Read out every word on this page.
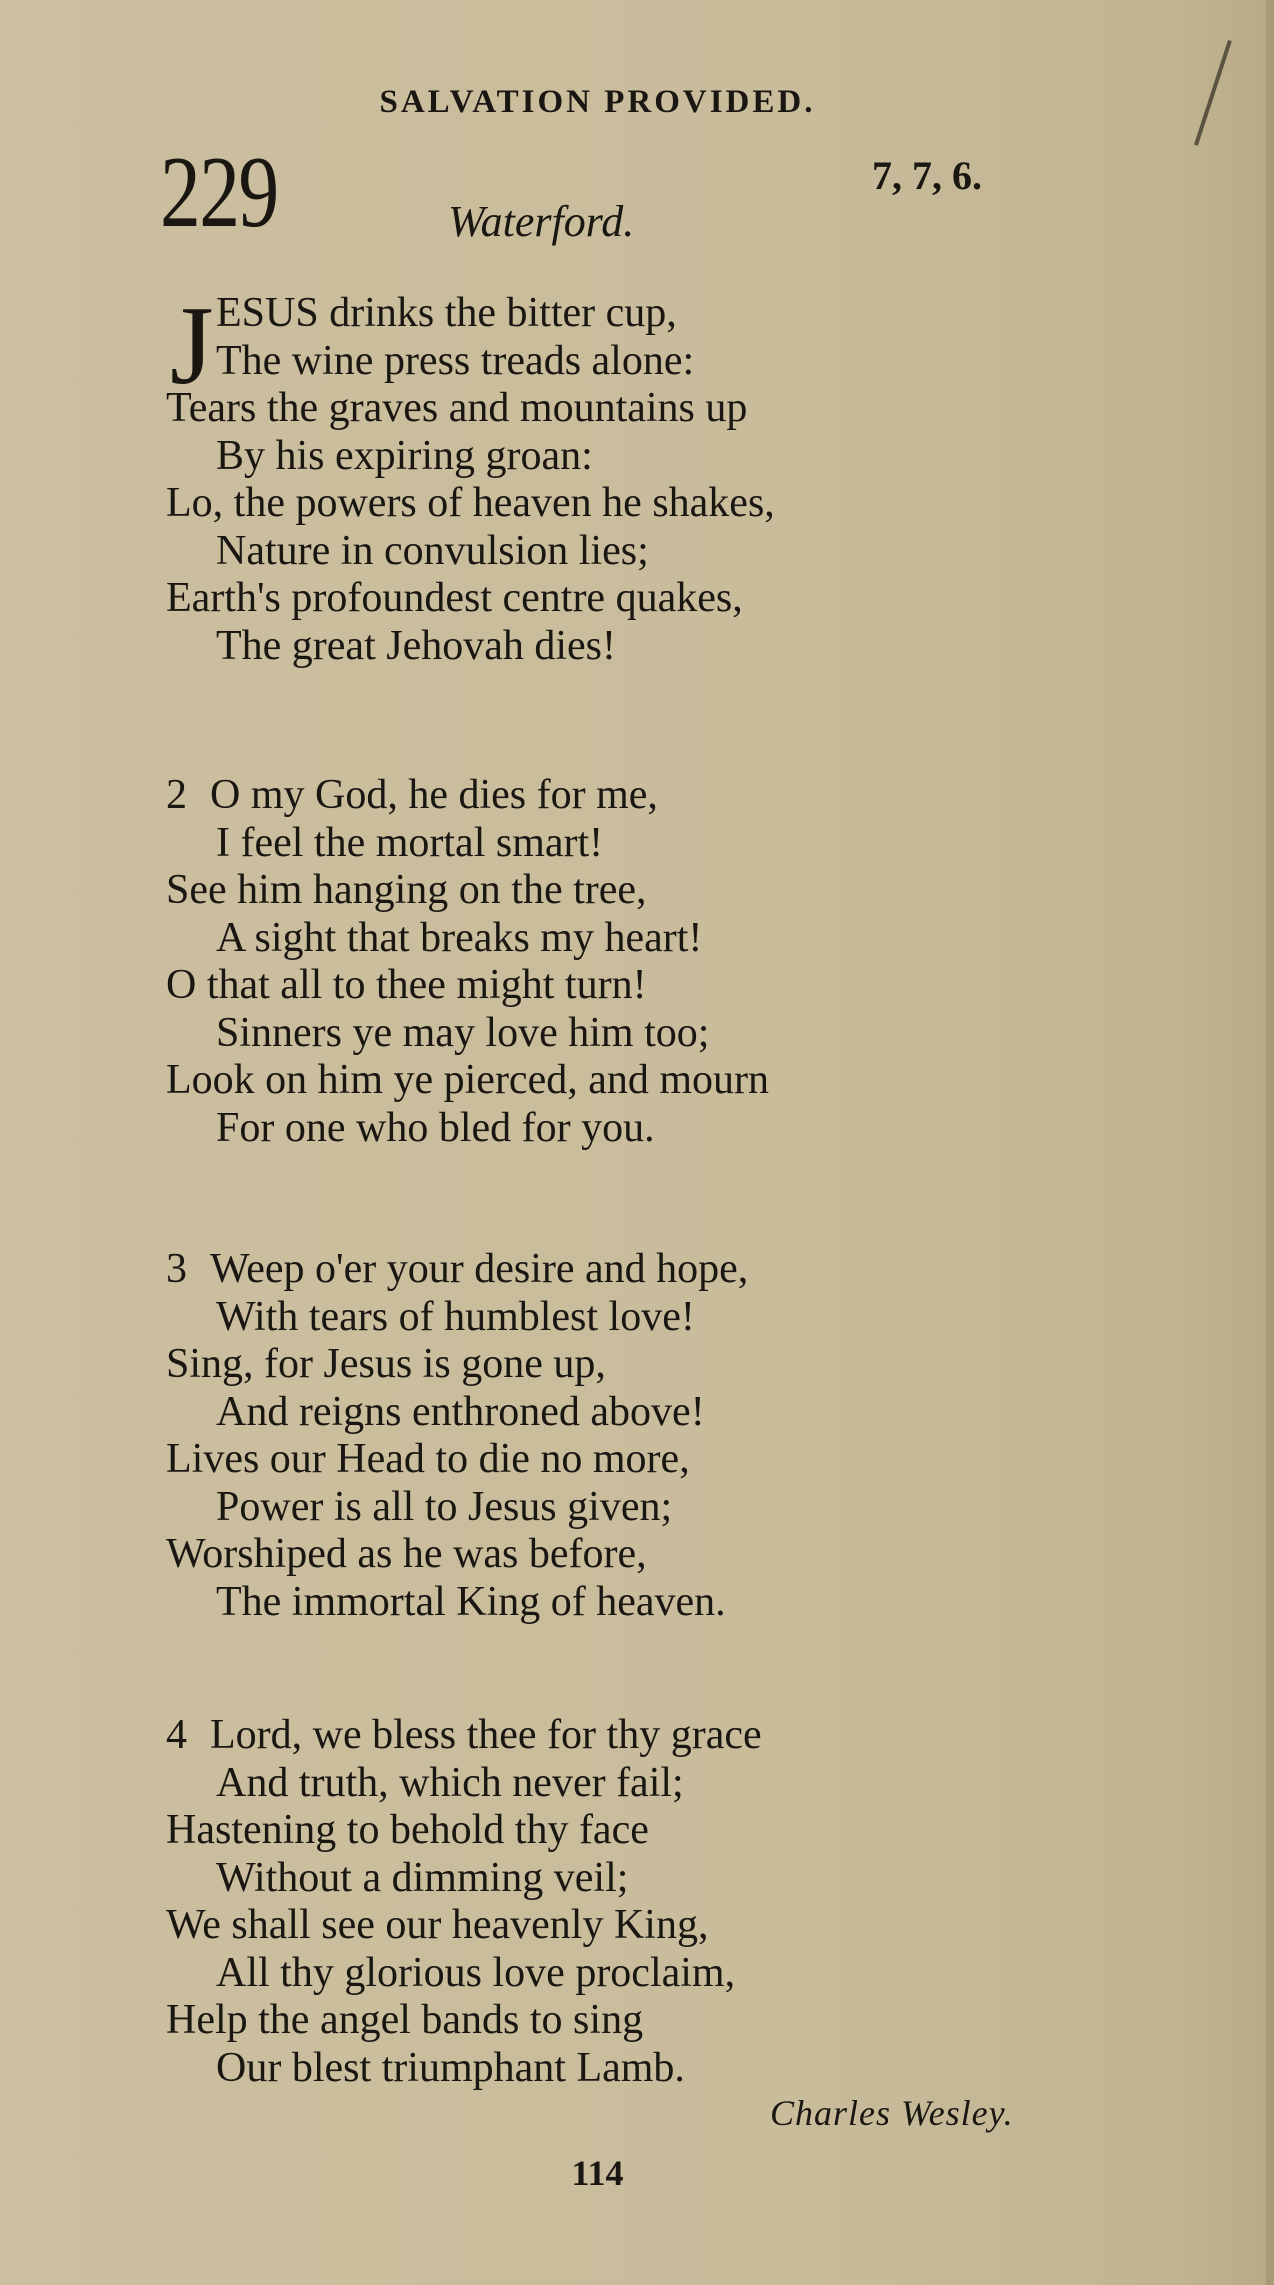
SALVATION PROVIDED.
229	Waterford.
7, 7, 6.
J ESUS drinks the bitter cup,
The wine press treads alone:
Tears the graves and mountains up
By his expiring groan:
Lo, the powers of heaven he shakes,
Nature in convulsion lies;
Earth's profoundest centre quakes,
The great Jehovah dies!
2 O my God, he dies for me,
I feel the mortal smart!
See him hanging on the tree,
A sight that breaks my heart!
O that all to thee might turn!
Sinners ye may love him too;
Look on him ye pierced, and mourn
For one who bled for you.
3 Weep o'er your desire and hope,
With tears of humblest love!
Sing, for Jesus is gone up,
And reigns enthroned above!
Lives our Head to die no more,
Power is all to Jesus given;
Worshiped as he was before,
The immortal King of heaven.
4 Lord, we bless thee for thy grace
And truth, which never fail;
Hastening to behold thy face
Without a dimming veil;
We shall see our heavenly King,
All thy glorious love proclaim,
Help the angel bands to sing
Our blest triumphant Lamb.
Charles Wesley.
114
